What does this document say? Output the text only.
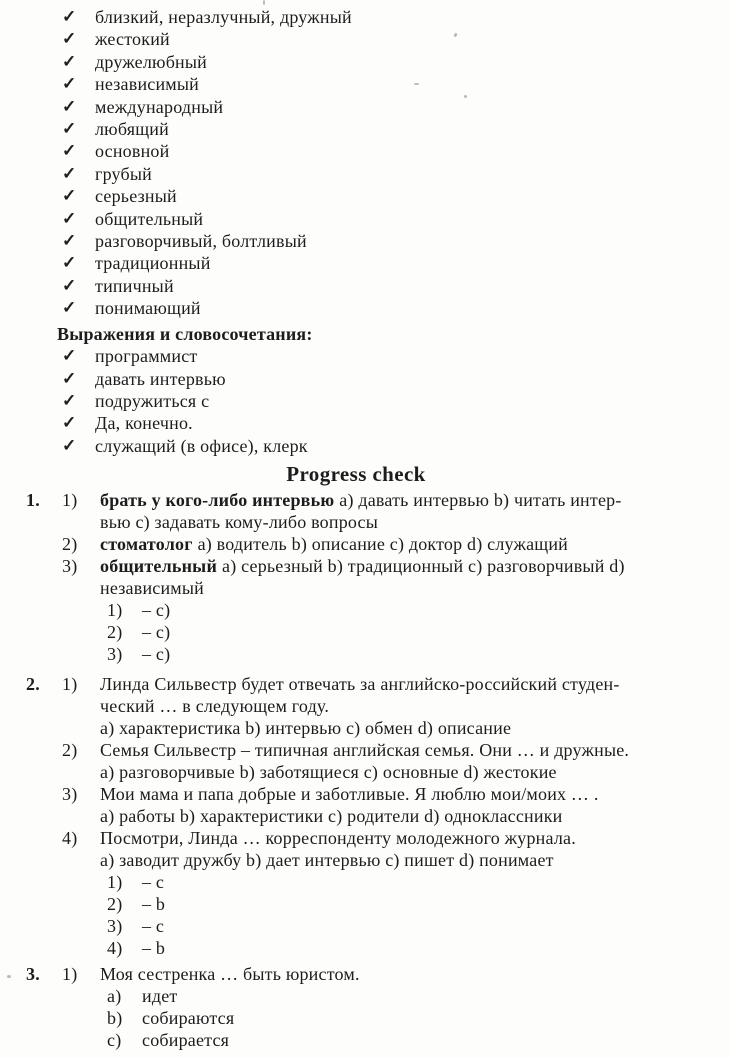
✓	близкий, неразлучный, дружный
✓	жестокий
✓	дружелюбный
✓	независимый
✓	международный
✓	любящий
✓	основной
✓	грубый
✓	серьезный
✓	общительный
✓	разговорчивый, болтливый
✓	традиционный
✓	типичный
✓	понимающий
Выражения и словосочетания:
✓	программист
✓	давать интервью
✓	подружиться с
✓	Да, конечно.
✓	служащий (в офисе), клерк
Progress check
1.	1)	брать у кого-либо интервью a) давать интервью b) читать интер-
вью c) задавать кому-либо вопросы
2)	стоматолог a) водитель b) описание c) доктор d) служащий
3)	общительный a) серьезный b) традиционный c) разговорчивый d)
независимый
1)	– c)
2)	– c)
3)	– c)
2.	1)	Линда Сильвестр будет отвечать за английско-российский студен-
ческий … в следующем году.
a) характеристика b) интервью c) обмен d) описание
2)	Семья Сильвестр – типичная английская семья. Они … и дружные.
a) разговорчивые b) заботящиеся c) основные d) жестокие
3)	Мои мама и папа добрые и заботливые. Я люблю мои/моих … .
a) работы b) характеристики c) родители d) одноклассники
4)	Посмотри, Линда … корреспонденту молодежного журнала.
a) заводит дружбу b) дает интервью c) пишет d) понимает
1)	– c
2)	– b
3)	– c
4)	– b
3.	1)	Моя сестренка … быть юристом.
a)	идет
b)	собираются
c)	собирается
